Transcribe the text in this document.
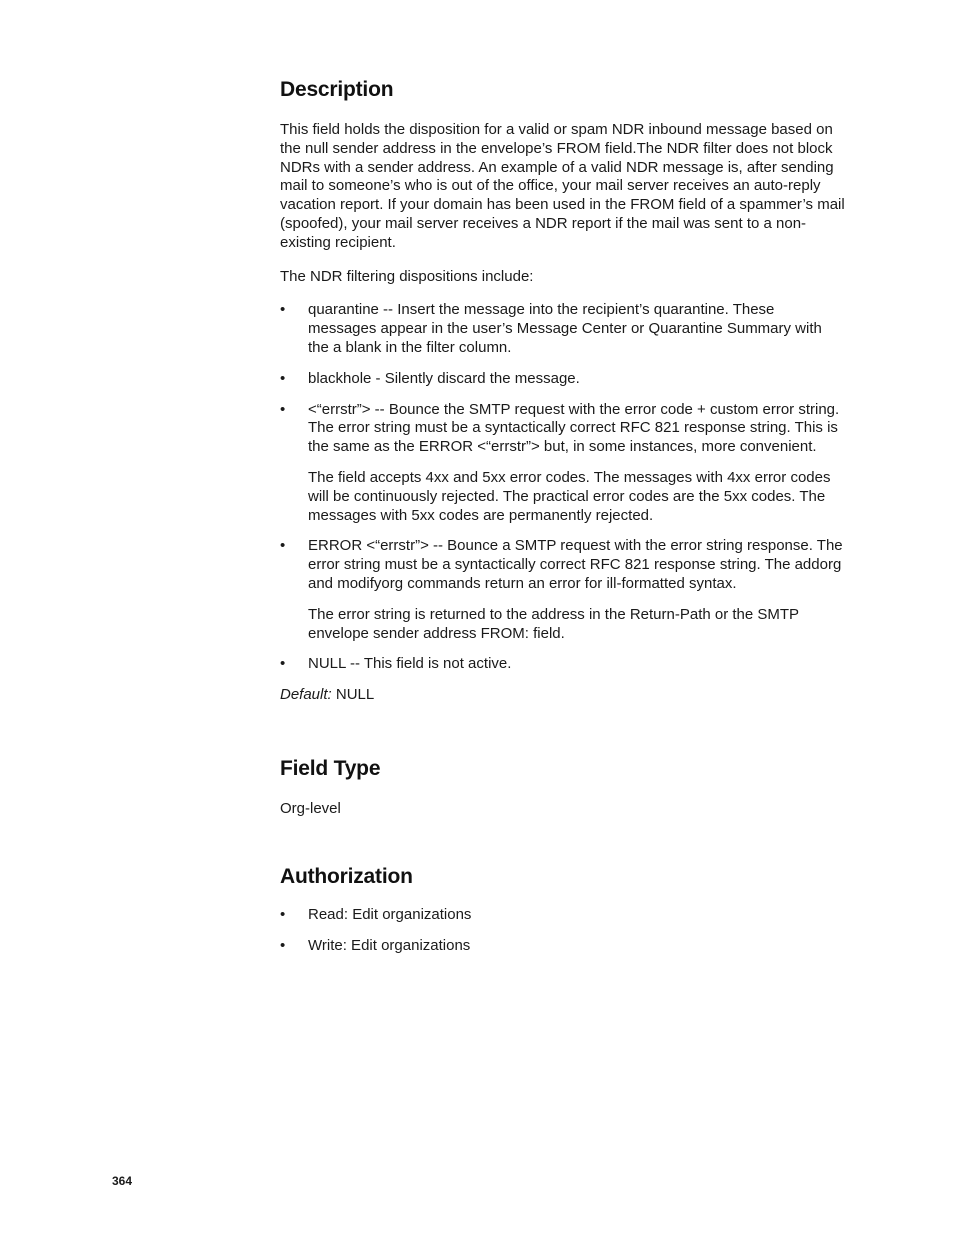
Description

This field holds the disposition for a valid or spam NDR inbound message based on the null sender address in the envelope’s FROM field.The NDR filter does not block NDRs with a sender address. An example of a valid NDR message is, after sending mail to someone’s who is out of the office, your mail server receives an auto-reply vacation report. If your domain has been used in the FROM field of a spammer’s mail (spoofed), your mail server receives a NDR report if the mail was sent to a non-existing recipient.

The NDR filtering dispositions include:

• quarantine -- Insert the message into the recipient’s quarantine. These messages appear in the user’s Message Center or Quarantine Summary with the a blank in the filter column.
• blackhole - Silently discard the message.
• <“errstr”> -- Bounce the SMTP request with the error code + custom error string. The error string must be a syntactically correct RFC 821 response string. This is the same as the ERROR <“errstr”> but, in some instances, more convenient.
The field accepts 4xx and 5xx error codes. The messages with 4xx error codes will be continuously rejected. The practical error codes are the 5xx codes. The messages with 5xx codes are permanently rejected.
• ERROR <“errstr”> -- Bounce a SMTP request with the error string response. The error string must be a syntactically correct RFC 821 response string. The addorg and modifyorg commands return an error for ill-formatted syntax.
The error string is returned to the address in the Return-Path or the SMTP envelope sender address FROM: field.
• NULL -- This field is not active.

Default: NULL

Field Type

Org-level

Authorization
• Read: Edit organizations
• Write: Edit organizations
364
